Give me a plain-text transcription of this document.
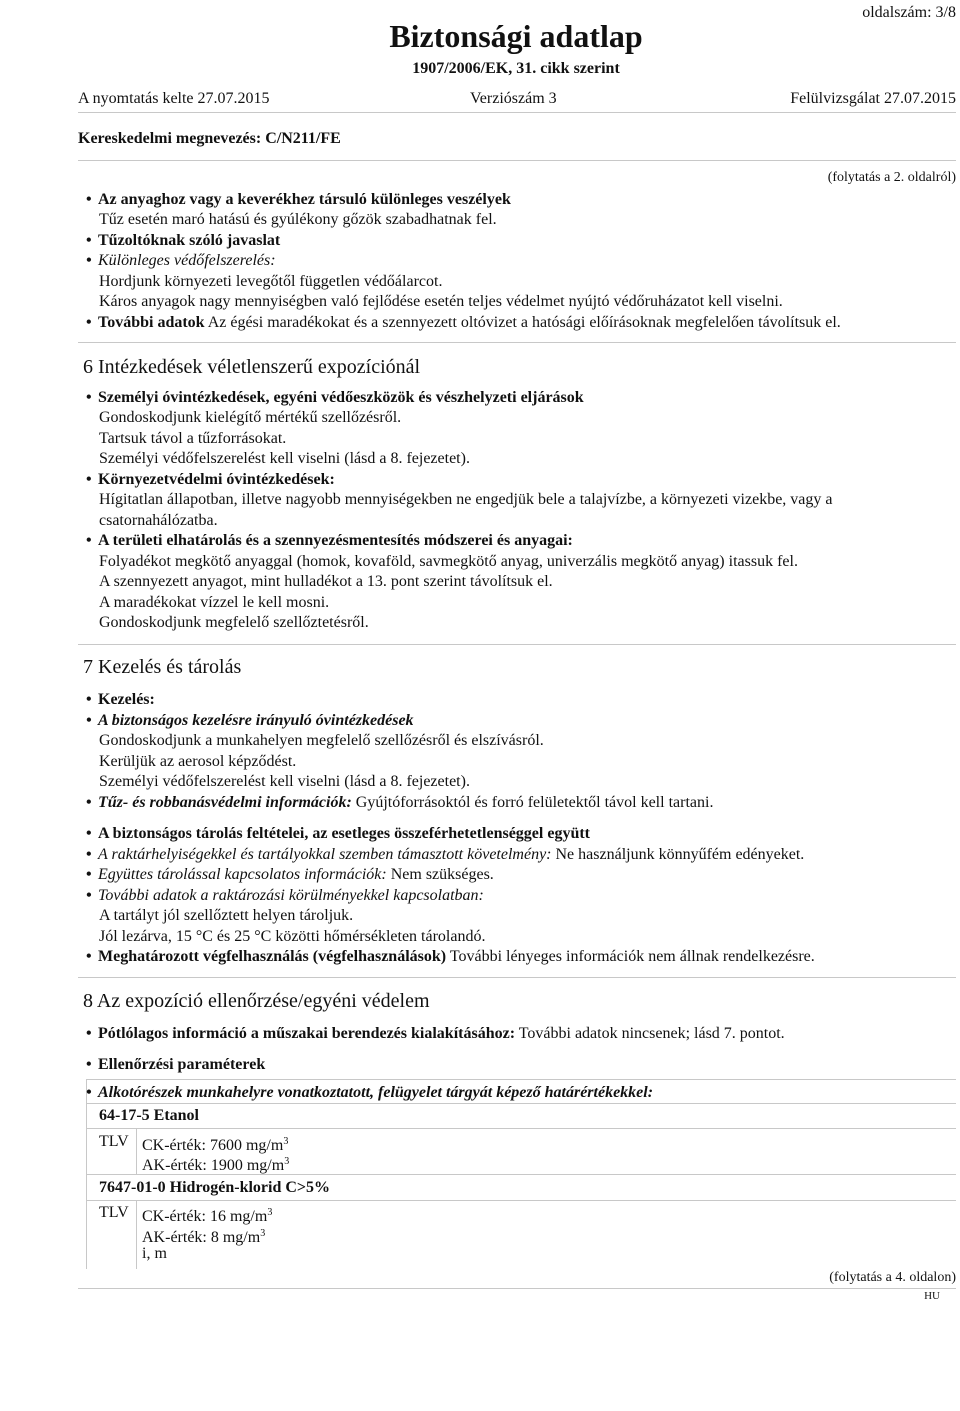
oldalszám: 3/8
Biztonsági adatlap
1907/2006/EK, 31. cikk szerint
A nyomtatás kelte 27.07.2015	Verziószám 3	Felülvizsgálat 27.07.2015
Kereskedelmi megnevezés: C/N211/FE
(folytatás a 2. oldalról)
• Az anyaghoz vagy a keverékhez társuló különleges veszélyek
Tűz esetén maró hatású és gyúlékony gőzök szabadhatnak fel.
• Tűzoltóknak szóló javaslat
• Különleges védőfelszerelés:
Hordjunk környezeti levegőtől független védőálarcot.
Káros anyagok nagy mennyiségben való fejlődése esetén teljes védelmet nyújtó védőruházatot kell viselni.
• További adatok Az égési maradékokat és a szennyezett oltóvizet a hatósági előírásoknak megfelelően távolítsuk el.
6 Intézkedések véletlenszerű expozíciónál
• Személyi óvintézkedések, egyéni védőeszközök és vészhelyzeti eljárások
Gondoskodjunk kielégítő mértékű szellőzésről.
Tartsuk távol a tűzforrásokat.
Személyi védőfelszerelést kell viselni (lásd a 8. fejezetet).
• Környezetvédelmi óvintézkedések:
Hígitatlan állapotban, illetve nagyobb mennyiségekben ne engedjük bele a talajvízbe, a környezeti vizekbe, vagy a
csatornahálózatba.
• A területi elhatárolás és a szennyezésmentesítés módszerei és anyagai:
Folyadékot megkötő anyaggal (homok, kovaföld, savmegkötő anyag, univerzális megkötő anyag) itassuk fel.
A szennyezett anyagot, mint hulladékot a 13. pont szerint távolítsuk el.
A maradékokat vízzel le kell mosni.
Gondoskodjunk megfelelő szellőztetésről.
7 Kezelés és tárolás
• Kezelés:
• A biztonságos kezelésre irányuló óvintézkedések
Gondoskodjunk a munkahelyen megfelelő szellőzésről és elszívásról.
Kerüljük az aerosol képződést.
Személyi védőfelszerelést kell viselni (lásd a 8. fejezetet).
• Tűz- és robbanásvédelmi információk: Gyújtóforrásoktól és forró felületektől távol kell tartani.
• A biztonságos tárolás feltételei, az esetleges összeférhetetlenséggel együtt
• A raktárhelyiségekkel és tartályokkal szemben támasztott követelmény: Ne használjunk könnyűfém edényeket.
• Együttes tárolással kapcsolatos információk: Nem szükséges.
• További adatok a raktározási körülményekkel kapcsolatban:
A tartályt jól szellőztett helyen tároljuk.
Jól lezárva, 15 °C és 25 °C közötti hőmérsékleten tárolandó.
• Meghatározott végfelhasználás (végfelhasználások) További lényeges információk nem állnak rendelkezésre.
8 Az expozíció ellenőrzése/egyéni védelem
• Pótlólagos információ a műszakai berendezés kialakításához: További adatok nincsenek; lásd 7. pontot.
• Ellenőrzési paraméterek
• Alkotórészek munkahelyre vonatkoztatott, felügyelet tárgyát képező határértékekkel:
64-17-5 Etanol
TLV CK-érték: 7600 $mg/m^3$
AK-érték: 1900 $mg/m^3$
7647-01-0 Hidrogén-klorid C>5%
TLV CK-érték: 16 $mg/m^3$
AK-érték: 8 $mg/m^3$
i, m
(folytatás a 4. oldalon)
HU
